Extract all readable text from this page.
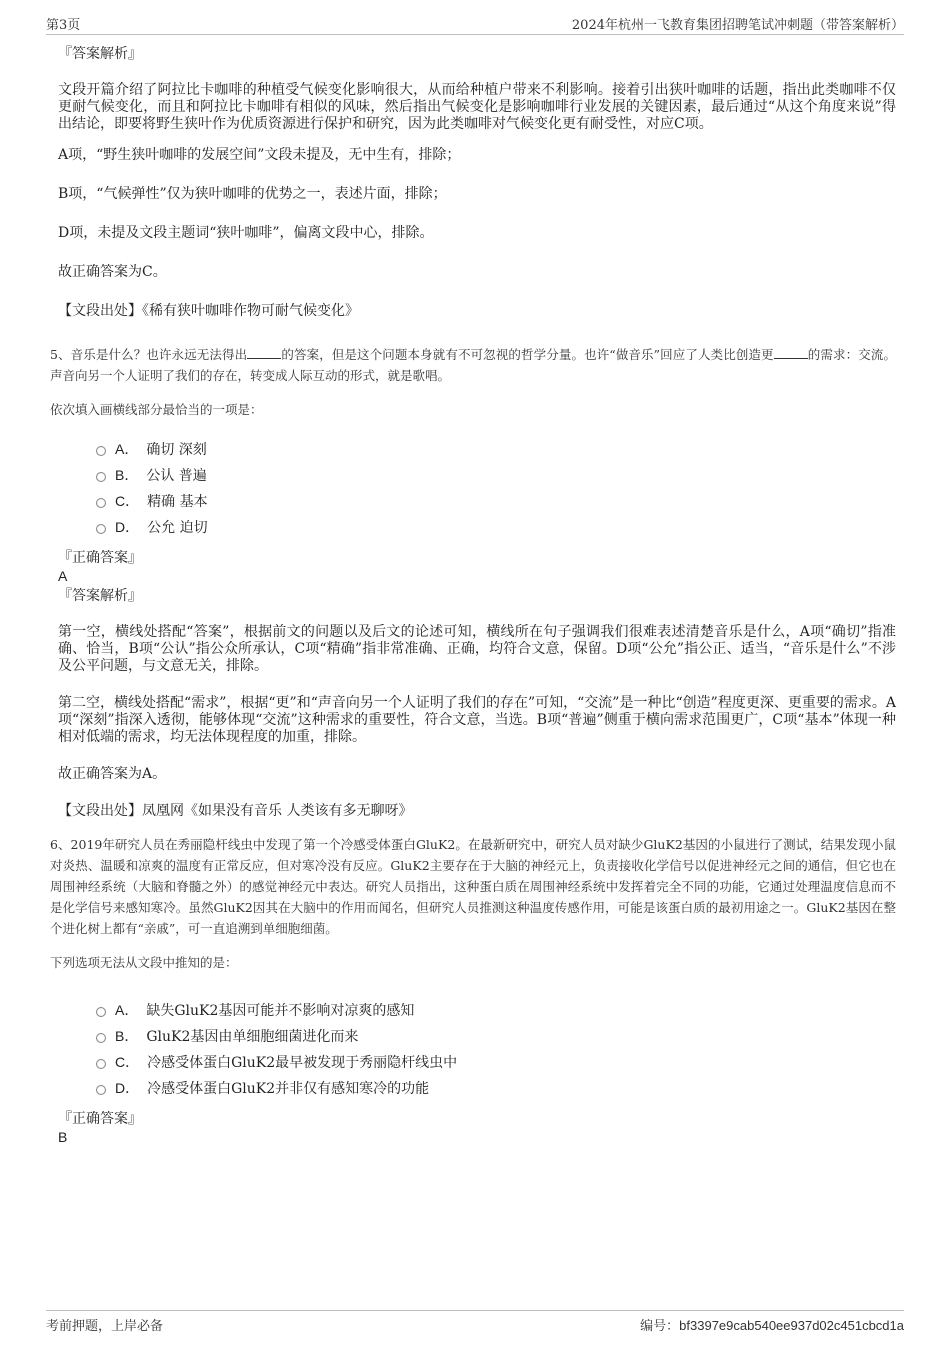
第3页	2024年杭州一飞教育集团招聘笔试冲刺题（带答案解析）
『答案解析』

文段开篇介绍了阿拉比卡咖啡的种植受气候变化影响很大，从而给种植户带来不利影响。接着引出狭叶咖啡的话题，指出此类咖啡不仅更耐气候变化，而且和阿拉比卡咖啡有相似的风味，然后指出气候变化是影响咖啡行业发展的关键因素，最后通过“从这个角度来说”得出结论，即要将野生狭叶作为优质资源进行保护和研究，因为此类咖啡对气候变化更有耐受性，对应C项。

A项，“野生狭叶咖啡的发展空间”文段未提及，无中生有，排除；

B项，“气候弹性”仅为狭叶咖啡的优势之一，表述片面，排除；

D项，未提及文段主题词“狭叶咖啡”，偏离文段中心，排除。

故正确答案为C。

【文段出处】《稀有狭叶咖啡作物可耐气候变化》

5、音乐是什么？也许永远无法得出	的答案，但是这个问题本身就有不可忽视的哲学分量。也许“做音乐”回应了人类比创造更	的需求：交流。声音向另一个人证明了我们的存在，转变成人际互动的形式，就是歌唱。
依次填入画横线部分最恰当的一项是：
A． 确切 深刻
B． 公认 普遍
C． 精确 基本
D． 公允 迫切
『正确答案』
A
『答案解析』

第一空，横线处搭配“答案”，根据前文的问题以及后文的论述可知，横线所在句子强调我们很难表述清楚音乐是什么，A项“确切”指准确、恰当，B项“公认”指公众所承认，C项“精确”指非常准确、正确，均符合文意，保留。D项“公允”指公正、适当，“音乐是什么”不涉及公平问题，与文意无关，排除。

第二空，横线处搭配“需求”，根据“更”和“声音向另一个人证明了我们的存在”可知，“交流”是一种比“创造”程度更深、更重要的需求。A项“深刻”指深入透彻，能够体现“交流”这种需求的重要性，符合文意，当选。B项“普遍”侧重于横向需求范围更广，C项“基本”体现一种相对低端的需求，均无法体现程度的加重，排除。

故正确答案为A。

【文段出处】凤凰网《如果没有音乐 人类该有多无聊呀》

6、2019年研究人员在秀丽隐杆线虫中发现了第一个冷感受体蛋白GluK2。在最新研究中，研究人员对缺少GluK2基因的小鼠进行了测试，结果发现小鼠对炎热、温暖和凉爽的温度有正常反应，但对寒冷没有反应。GluK2主要存在于大脑的神经元上，负责接收化学信号以促进神经元之间的通信，但它也在周围神经系统（大脑和脊髓之外）的感觉神经元中表达。研究人员指出，这种蛋白质在周围神经系统中发挥着完全不同的功能，它通过处理温度信息而不是化学信号来感知寒冷。虽然GluK2因其在大脑中的作用而闻名，但研究人员推测这种温度传感作用，可能是该蛋白质的最初用途之一。GluK2基因在整个进化树上都有“亲戚”，可一直追溯到单细胞细菌。
下列选项无法从文段中推知的是：
A． 缺失GluK2基因可能并不影响对凉爽的感知
B． GluK2基因由单细胞细菌进化而来
C． 冷感受体蛋白GluK2最早被发现于秀丽隐杆线虫中
D． 冷感受体蛋白GluK2并非仅有感知寒冷的功能
『正确答案』
B
考前押题，上岸必备	编号：bf3397e9cab540ee937d02c451cbcd1a
